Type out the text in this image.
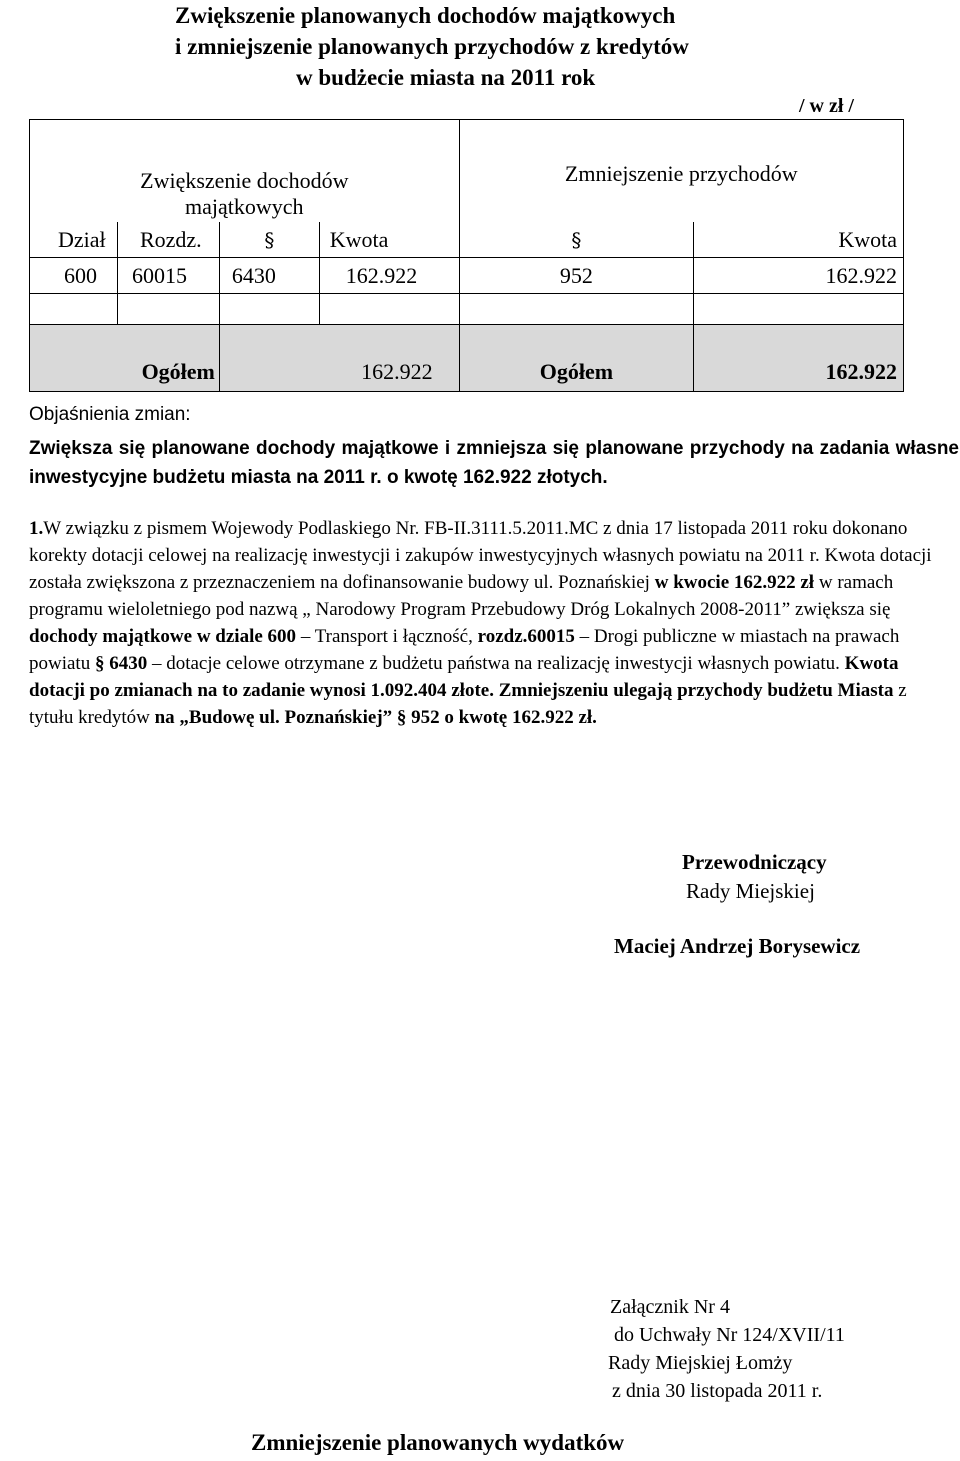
Zwiększenie planowanych dochodów majątkowych
i zmniejszenie planowanych przychodów z kredytów
w budżecie miasta na 2011 rok
/ w zł /
Zwiększenie dochodów
majątkowych				Zmniejszenie przychodów	
Dział	Rozdz.	§	Kwota	§	Kwota
600	60015	6430	162.922	952	162.922

Ogółem		162.922		Ogółem	162.922
Objaśnienia zmian:
Zwiększa się planowane dochody majątkowe i zmniejsza się planowane przychody na zadania własne inwestycyjne budżetu miasta na 2011 r. o kwotę 162.922 złotych.
1.W związku z pismem Wojewody Podlaskiego Nr. FB-II.3111.5.2011.MC z dnia 17 listopada 2011 roku dokonano korekty dotacji celowej na realizację inwestycji i zakupów inwestycyjnych własnych powiatu na 2011 r. Kwota dotacji została zwiększona z przeznaczeniem na dofinansowanie budowy ul. Poznańskiej w kwocie 162.922 zł w ramach programu wieloletniego pod nazwą „ Narodowy Program Przebudowy Dróg Lokalnych 2008-2011” zwiększa się dochody majątkowe w dziale 600 – Transport i łączność, rozdz.60015 – Drogi publiczne w miastach na prawach powiatu § 6430 – dotacje celowe otrzymane z budżetu państwa na realizację inwestycji własnych powiatu. Kwota dotacji po zmianach na to zadanie wynosi 1.092.404 złote. Zmniejszeniu ulegają przychody budżetu Miasta z tytułu kredytów na „Budowę ul. Poznańskiej” § 952 o kwotę 162.922 zł.
Przewodniczący
Rady Miejskiej
Maciej Andrzej Borysewicz
Załącznik Nr 4
do Uchwały Nr 124/XVII/11
Rady Miejskiej Łomży
z dnia 30 listopada 2011 r.
Zmniejszenie planowanych wydatków
